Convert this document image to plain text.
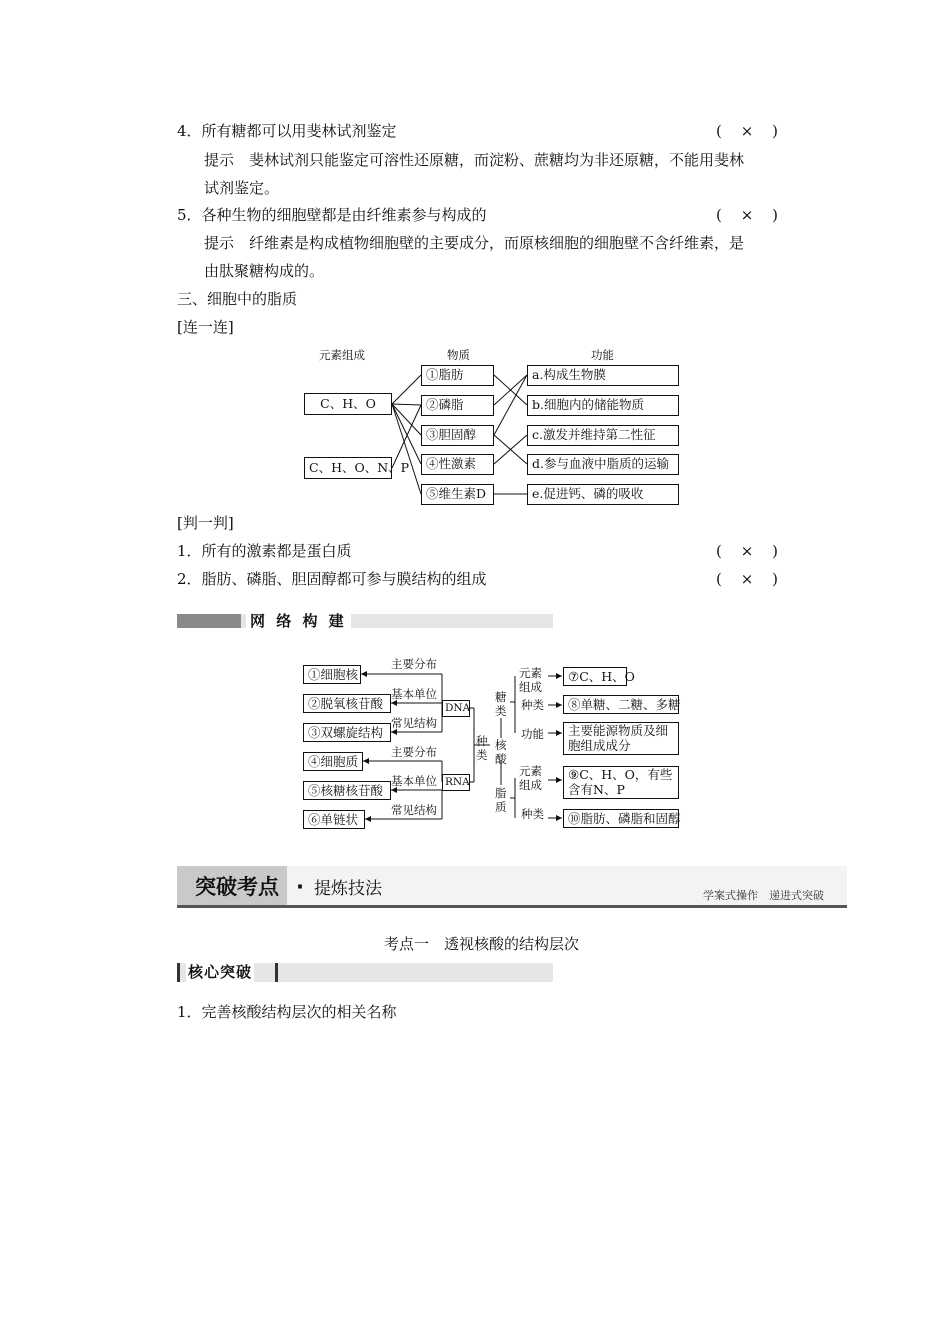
4．所有糖都可以用斐林试剂鉴定	( × )
提示　斐林试剂只能鉴定可溶性还原糖，而淀粉、蔗糖均为非还原糖，不能用斐林
试剂鉴定。
5．各种生物的细胞壁都是由纤维素参与构成的	( × )
提示　纤维素是构成植物细胞壁的主要成分，而原核细胞的细胞壁不含纤维素，是
由肽聚糖构成的。
三、细胞中的脂质
[连一连]
元素组成	物质	功能
C、H、O
C、H、O、N、P
①脂肪
②磷脂
③胆固醇
④性激素
⑤维生素D
a.构成生物膜
b.细胞内的储能物质
c.激发并维持第二性征
d.参与血液中脂质的运输
e.促进钙、磷的吸收
[判一判]
1．所有的激素都是蛋白质	( × )
2．脂肪、磷脂、胆固醇都可参与膜结构的组成	( × )
网 络 构 建
①细胞核
②脱氧核苷酸
③双螺旋结构
④细胞质
⑤核糖核苷酸
⑥单链状
主要分布
基本单位
常见结构
主要分布
基本单位
常见结构
DNA
RNA
种类
糖类
核酸
脂质
元素组成
种类
功能
元素组成
种类
⑦C、H、O
⑧单糖、二糖、多糖
主要能源物质及细胞组成成分
⑨C、H、O，有些含有N、P
⑩脂肪、磷脂和固醇
突破考点 · 提炼技法	学案式操作　递进式突破
考点一　透视核酸的结构层次
核心突破
1．完善核酸结构层次的相关名称
